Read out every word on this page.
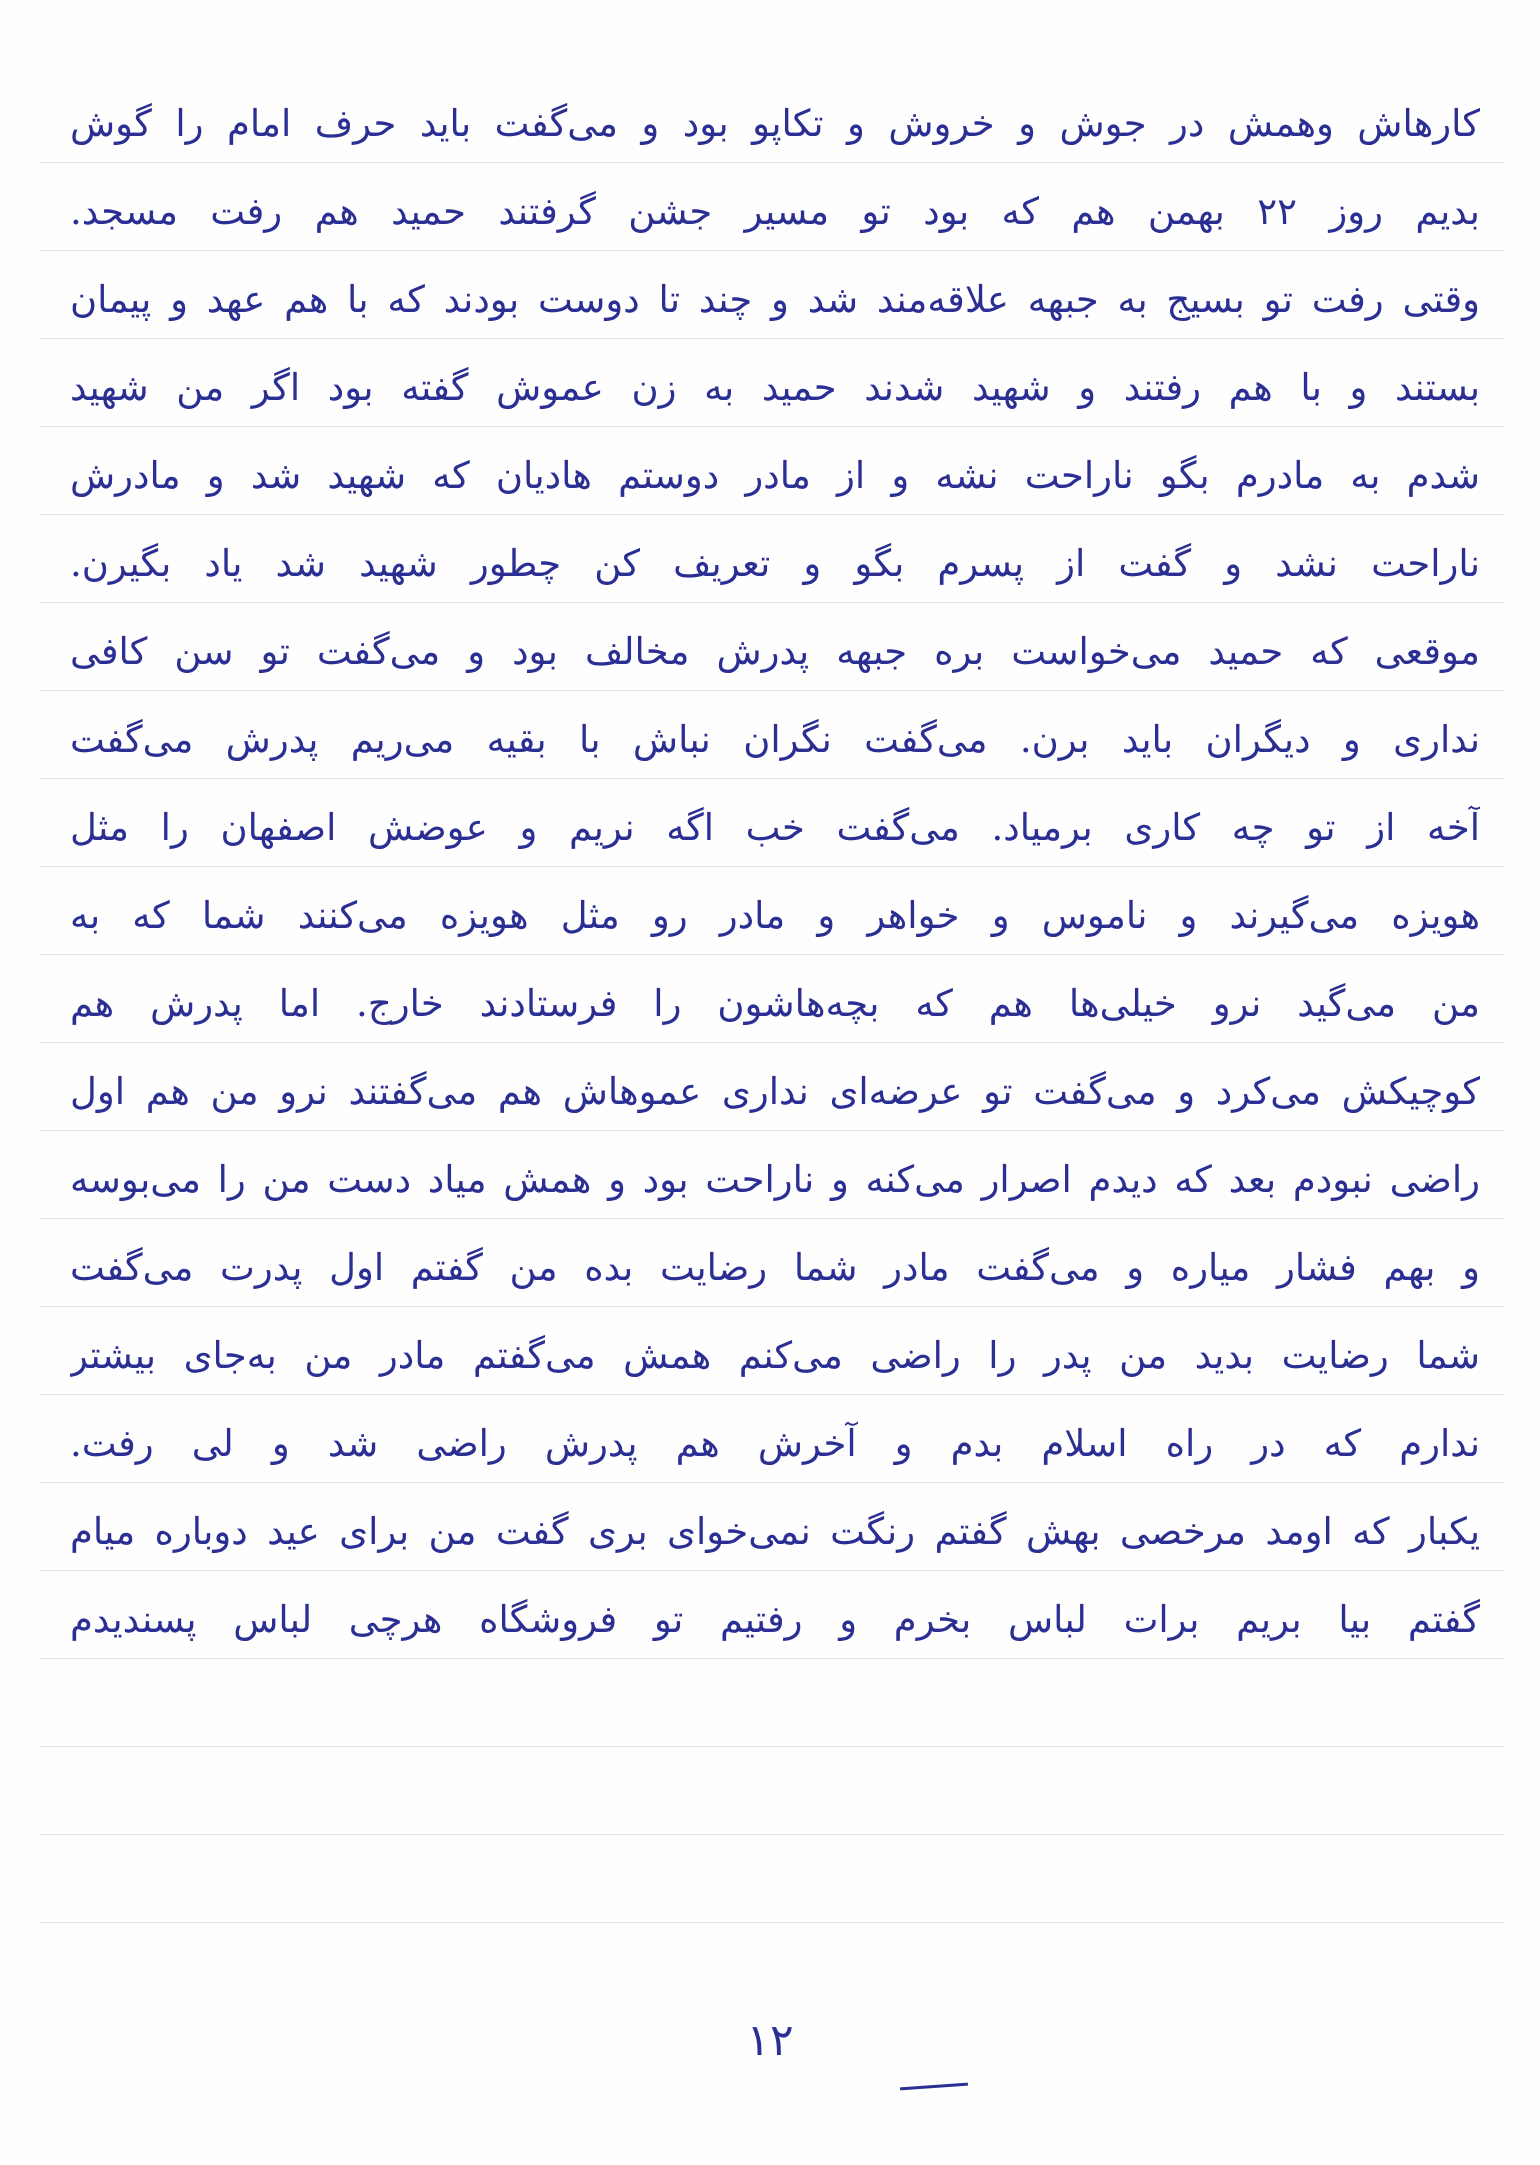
کارهاش وهمش در جوش و خروش و تکاپو بود و می‌گفت باید حرف امام را گوش
بدیم روز ۲۲ بهمن هم که بود تو مسیر جشن گرفتند حمید هم رفت مسجد.
وقتی رفت تو بسیج به جبهه علاقه‌مند شد و چند تا دوست بودند که با هم عهد و پیمان
بستند و با هم رفتند و شهید شدند حمید به زن عموش گفته بود اگر من شهید
شدم به مادرم بگو ناراحت نشه و از مادر دوستم هادیان که شهید شد و مادرش
ناراحت نشد و گفت از پسرم بگو و تعریف کن چطور شهید شد یاد بگیرن.
موقعی که حمید می‌خواست بره جبهه پدرش مخالف بود و می‌گفت تو سن کافی
نداری و دیگران باید برن. می‌گفت نگران نباش با بقیه می‌ریم پدرش می‌گفت
آخه از تو چه کاری برمیاد. می‌گفت خب اگه نریم و عوضش اصفهان را مثل
هویزه می‌گیرند و ناموس و خواهر و مادر رو مثل هویزه می‌کنند شما که به
من می‌گید نرو خیلی‌ها هم که بچه‌هاشون را فرستادند خارج. اما پدرش هم
کوچیکش می‌کرد و می‌گفت تو عرضه‌ای نداری عموهاش هم می‌گفتند نرو من هم اول
راضی نبودم بعد که دیدم اصرار می‌کنه و ناراحت بود و همش میاد دست من را می‌بوسه
و بهم فشار میاره و می‌گفت مادر شما رضایت بده من گفتم اول پدرت می‌گفت
شما رضایت بدید من پدر را راضی می‌کنم همش می‌گفتم مادر من به‌جای بیشتر
ندارم که در راه اسلام بدم و آخرش هم پدرش راضی شد و لی رفت.
یکبار که اومد مرخصی بهش گفتم رنگت نمی‌خوای بری گفت من برای عید دوباره میام
گفتم بیا بریم برات لباس بخرم و رفتیم تو فروشگاه هرچی لباس پسندیدم
۱۲
